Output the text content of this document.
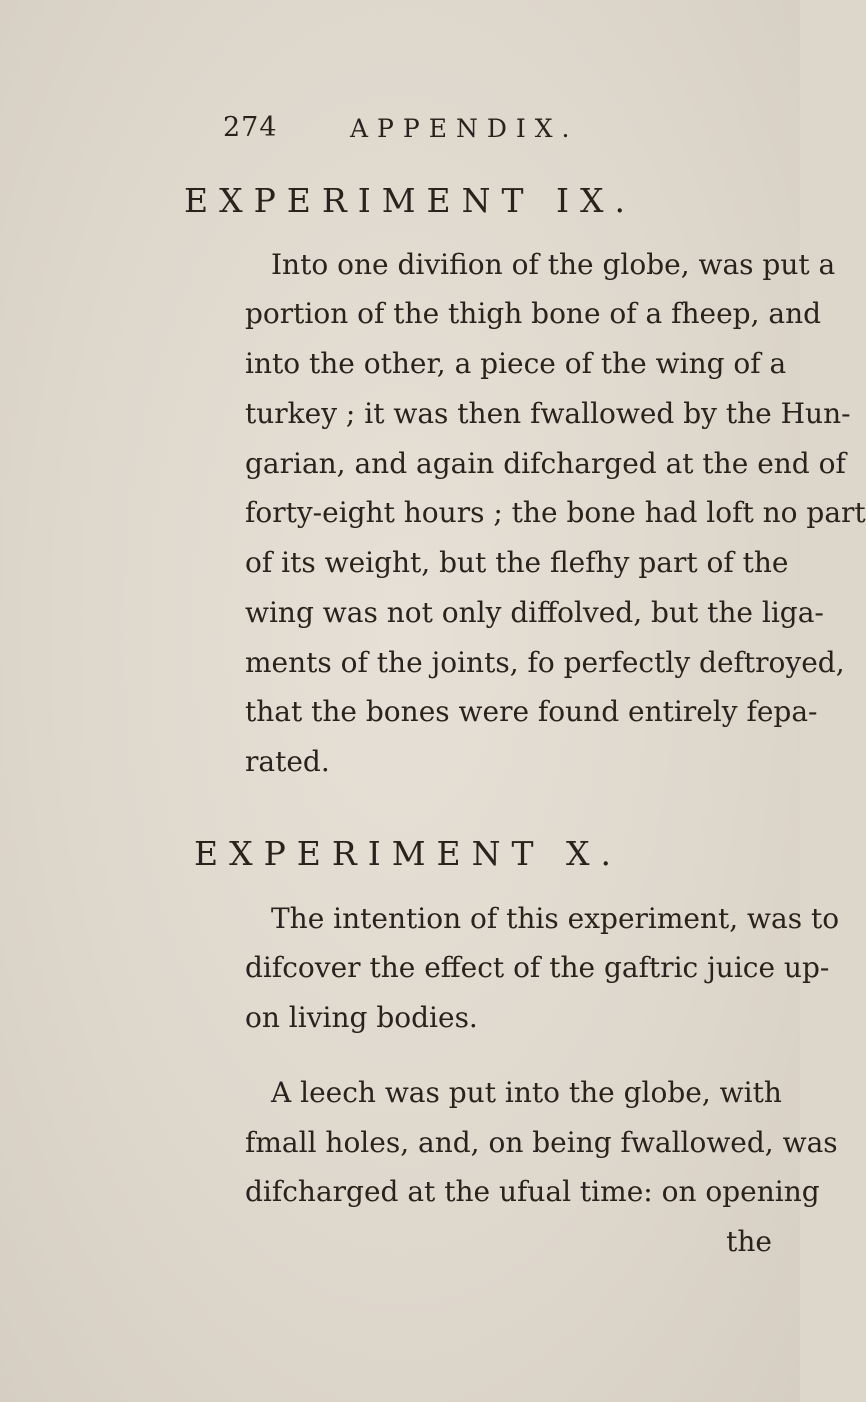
274	APPENDIX.
EXPERIMENT IX.
Into one divifion of the globe, was put a
portion of the thigh bone of a fheep, and
into the other, a piece of the wing of a
turkey ; it was then fwallowed by the Hun-
garian, and again difcharged at the end of
forty-eight hours ; the bone had loft no part
of its weight, but the flefhy part of the
wing was not only diffolved, but the liga-
ments of the joints, fo perfectly deftroyed,
that the bones were found entirely fepa-
rated.
EXPERIMENT X.
The intention of this experiment, was to
difcover the effect of the gaftric juice up-
on living bodies.
A leech was put into the globe, with
fmall holes, and, on being fwallowed, was
difcharged at the ufual time: on opening
the
